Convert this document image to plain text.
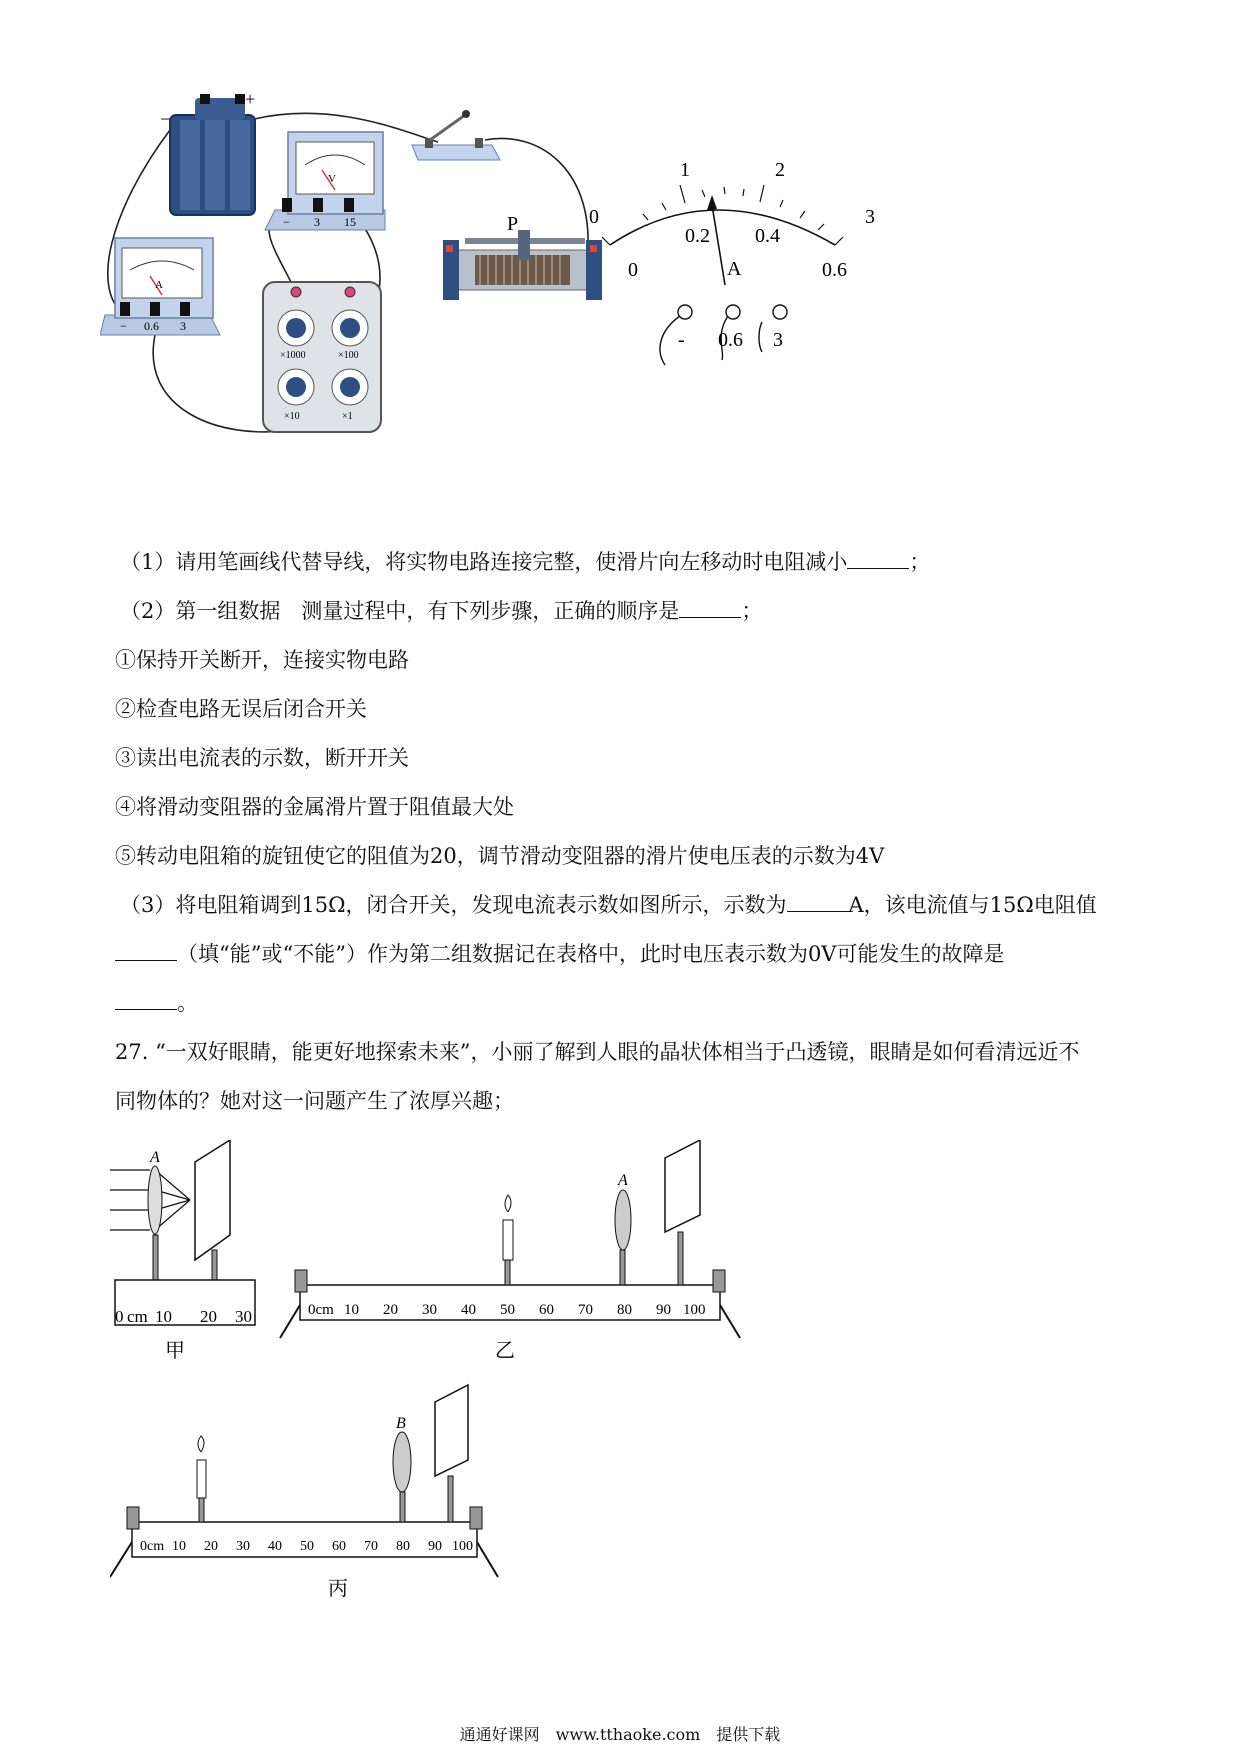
+
−
V
− 3 15
A
− 0.6 3
P
×1000	×100
×10	×1
0
1	2
3
0
0.2 0.4
0.6
A
- 0.6 3
（1）请用笔画线代替导线，将实物电路连接完整，使滑片向左移动时电阻减小	；
（2）第一组数据　测量过程中，有下列步骤，正确的顺序是	；
①保持开关断开，连接实物电路
②检查电路无误后闭合开关
③读出电流表的示数，断开开关
④将滑动变阻器的金属滑片置于阻值最大处
⑤转动电阻箱的旋钮使它的阻值为20，调节滑动变阻器的滑片使电压表的示数为4V
（3）将电阻箱调到15Ω，闭合开关，发现电流表示数如图所示，示数为	A，该电流值与15Ω电阻值
（填“能”或“不能”）作为第二组数据记在表格中，此时电压表示数为0V可能发生的故障是
。
27. “一双好眼睛，能更好地探索未来”，小丽了解到人眼的晶状体相当于凸透镜，眼睛是如何看清远近不
同物体的？她对这一问题产生了浓厚兴趣；
A
0 cm 10 20 30
甲
A
0cm 10 20 30 40 50 60 70 80 90 100
乙
B
0cm 10 20 30 40 50 60 70 80 90 100
丙
通通好课网　www.tthaoke.com　提供下载
